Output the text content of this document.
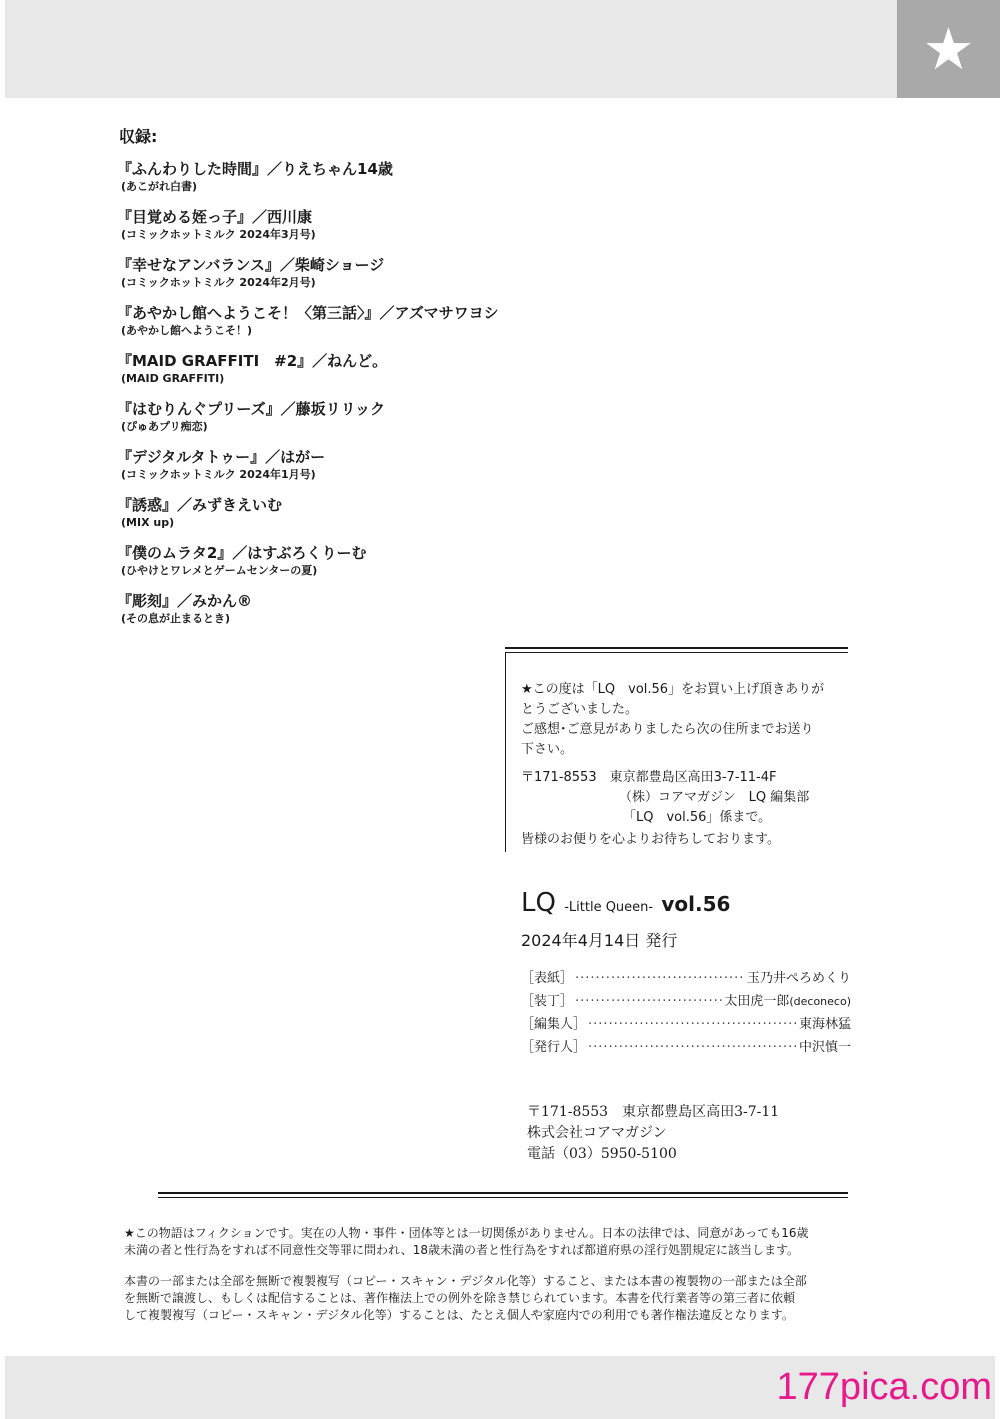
★
収録:
『ふんわりした時間』／りえちゃん14歳
(あこがれ白書)
『目覚める姪っ子』／西川康
(コミックホットミルク 2024年3月号)
『幸せなアンバランス』／柴崎ショージ
(コミックホットミルク 2024年2月号)
『あやかし館へようこそ！〈第三話〉』／アズマサワヨシ
(あやかし館へようこそ！)
『MAID GRAFFITI　#2』／ねんど。
(MAID GRAFFITI)
『はむりんぐプリーズ』／藤坂リリック
(ぴゅあプリ痴恋)
『デジタルタトゥー』／はがー
(コミックホットミルク 2024年1月号)
『誘惑』／みずきえいむ
(MIX up)
『僕のムラタ2』／はすぶろくりーむ
(ひやけとワレメとゲームセンターの夏)
『彫刻』／みかん®
(その息が止まるとき)

★この度は「LQ　vol.56」をお買い上げ頂きありが

とうございました。

ご感想･ご意見がありましたら次の住所までお送り

下さい。

〒171-8553　東京都豊島区高田3-7-11-4F
（株）コアマガジン　LQ 編集部
「LQ　vol.56」係まで。

皆様のお便りを心よりお待ちしております。

LQ -Little Queen- vol.56
2024年4月14日 発行
［表紙］ ·····	玉乃井ぺろめくり
［装丁］ ·····	太田虎一郎(deconeco)
［編集人］ ·····	東海林猛
［発行人］ ·····	中沢慎一
〒171-8553　東京都豊島区高田3-7-11
株式会社コアマガジン
電話（03）5950-5100

★この物語はフィクションです。実在の人物・事件・団体等とは一切関係がありません。日本の法律では、同意があっても16歳
未満の者と性行為をすれば不同意性交等罪に問われ、18歳未満の者と性行為をすれば都道府県の淫行処罰規定に該当します。

本書の一部または全部を無断で複製複写（コピー・スキャン・デジタル化等）すること、または本書の複製物の一部または全部
を無断で譲渡し、もしくは配信することは、著作権法上での例外を除き禁じられています。本書を代行業者等の第三者に依頼
して複製複写（コピー・スキャン・デジタル化等）することは、たとえ個人や家庭内での利用でも著作権法違反となります。

177pica.com
